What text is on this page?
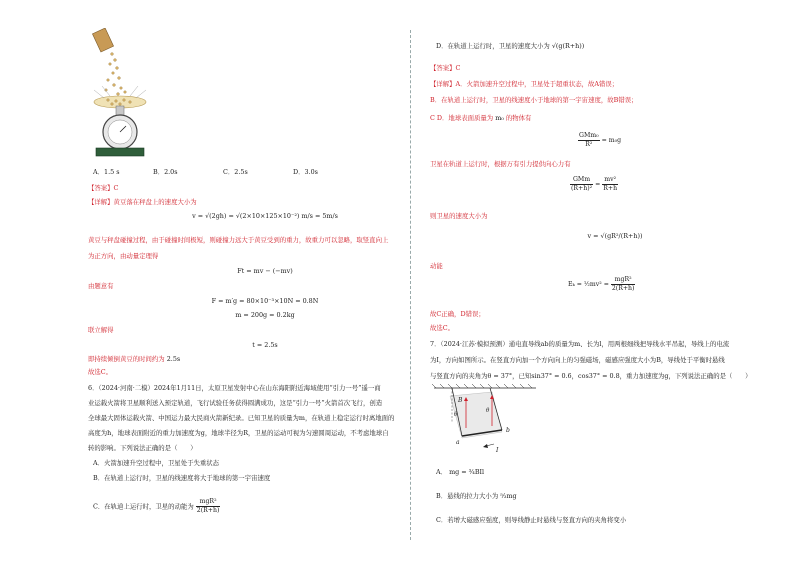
A．1.5 s	B．2.0s	C．2.5s	D．3.0s
【答案】C
【详解】黄豆落在秤盘上的速度大小为
v = √(2gh) = √(2×10×125×10⁻²) m/s = 5m/s
黄豆与秤盘碰撞过程，由于碰撞时间极短，则碰撞力远大于黄豆受到的重力，故重力可以忽略，取竖直向上
为正方向，由动量定理得
Ft = mv − (−mv)
由题意有
F = m′g = 80×10⁻³×10N = 0.8N
m = 200g = 0.2kg
联立解得
t = 2.5s
即持续倾倒黄豆的时间约为 2.5s
故选C。
6．（2024·河南·二模）2024年1月11日，太原卫星发射中心在山东海阳附近海域使用“引力一号”遥一商
业运载火箭将卫星顺利送入预定轨道，飞行试验任务获得圆满成功，这是“引力一号”火箭首次飞行，创造
全球最大固体运载火箭、中国运力最大民商火箭新纪录。已知卫星的质量为m，在轨道上稳定运行时离地面的
高度为h，地球表面附近的重力加速度为g，地球半径为R，卫星的运动可视为匀速圆周运动，不考虑地球自
转的影响。下列说法正确的是（　　）
A．火箭加速升空过程中，卫星处于失重状态
B．在轨道上运行时，卫星的线速度将大于地球的第一宇宙速度
C．在轨道上运行时，卫星的动能为 $\frac{\text{mgR²}}{2(R+h)}$
D．在轨道上运行时，卫星的速度大小为 √(g(R+h))
【答案】C
【详解】A．火箭加速升空过程中，卫星处于超重状态，故A错误；
B．在轨道上运行时，卫星的线速度小于地球的第一宇宙速度，故B错误；
C D．地球表面质量为 m₀ 的物体有
$\frac{\text{GMm₀}}{\text{R²}} = m_0g$
卫星在轨道上运行时，根据万有引力提供向心力有
$\frac{\text{GMm}}{\text{(R+h)²}} = \frac{\text{mv²}}{R+h}$
则卫星的速度大小为
v = √(gR²/(R+h))
动能
Eₖ = ½mv² = $\frac{\text{mgR²}}{2(R+h)}$
故C正确，D错误；
故选C。
7．（2024·江苏·模拟预测）通电直导线ab的质量为m、长为l，用两根细线把导线水平吊起，导线上的电流
为I，方向如图所示。在竖直方向加一个方向向上的匀强磁场，磁感应强度大小为B，导线处于平衡时悬线
与竖直方向的夹角为θ = 37°，已知sin37° = 0.6，cos37° = 0.8，重力加速度为g，下列说法正确的是（　　）
B
θ
θ
a
b
I
A． mg = ¾BIl
B．悬线的拉力大小为 ⁵⁄₃mg
C．若增大磁感应强度，则导线静止时悬线与竖直方向的夹角将变小
